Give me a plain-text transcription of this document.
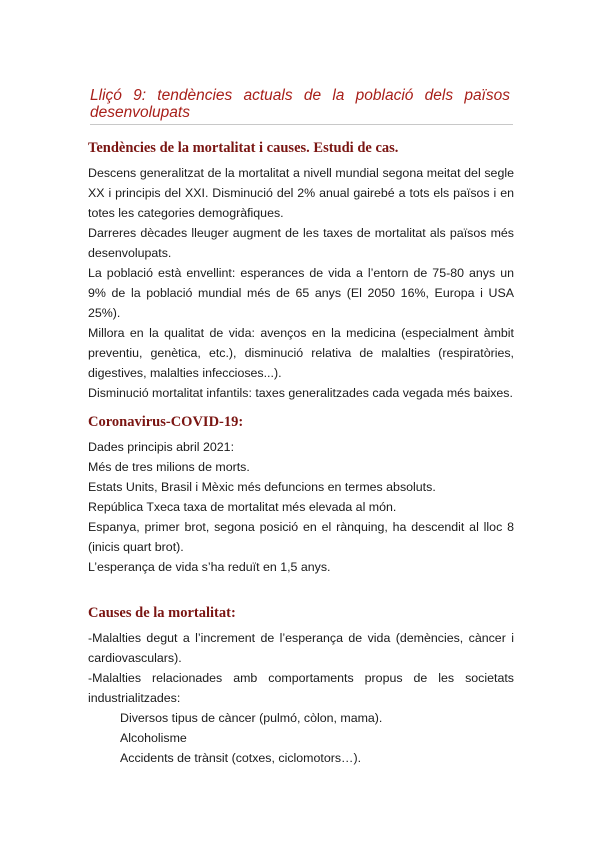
Lliçó 9: tendències actuals de la població dels països desenvolupats
Tendències de la mortalitat i causes. Estudi de cas.

Descens generalitzat de la mortalitat a nivell mundial segona meitat del segle XX i principis del XXI. Disminució del 2% anual gairebé a tots els països i en totes les categories demogràfiques.

Darreres dècades lleuger augment de les taxes de mortalitat als països més desenvolupats.

La població està envellint: esperances de vida a l’entorn de 75-80 anys un 9% de la població mundial més de 65 anys (El 2050 16%, Europa i USA 25%).

Millora en la qualitat de vida: avenços en la medicina (especialment àmbit preventiu, genètica, etc.), disminució relativa de malalties (respiratòries, digestives, malalties infeccioses...).

Disminució mortalitat infantils: taxes generalitzades cada vegada més baixes.

Coronavirus-COVID-19:

Dades principis abril 2021:

Més de tres milions de morts.

Estats Units, Brasil i Mèxic més defuncions en termes absoluts.

República Txeca taxa de mortalitat més elevada al món.

Espanya, primer brot, segona posició en el rànquing, ha descendit al lloc 8 (inicis quart brot).

L’esperança de vida s’ha reduït en 1,5 anys.

Causes de la mortalitat:

-Malalties degut a l’increment de l’esperança de vida (demències, càncer i cardiovasculars).

-Malalties relacionades amb comportaments propus de les societats industrialitzades:

Diversos tipus de càncer (pulmó, còlon, mama).

Alcoholisme

Accidents de trànsit (cotxes, ciclomotors…).
